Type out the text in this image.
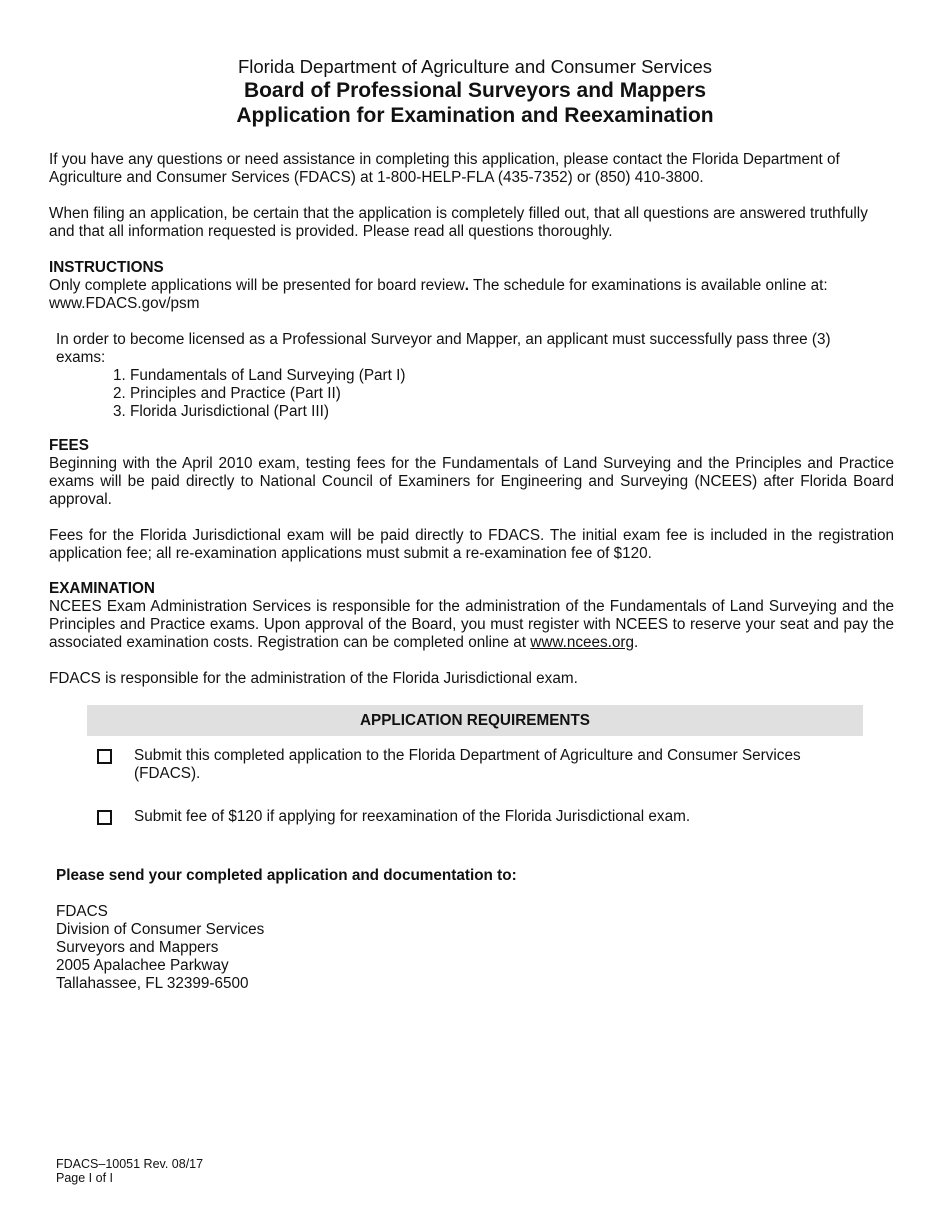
Florida Department of Agriculture and Consumer Services
Board of Professional Surveyors and Mappers
Application for Examination and Reexamination
If you have any questions or need assistance in completing this application, please contact the Florida Department of Agriculture and Consumer Services (FDACS) at 1-800-HELP-FLA (435-7352) or (850) 410-3800.
When filing an application, be certain that the application is completely filled out, that all questions are answered truthfully and that all information requested is provided. Please read all questions thoroughly.
INSTRUCTIONS
Only complete applications will be presented for board review. The schedule for examinations is available online at: www.FDACS.gov/psm
In order to become licensed as a Professional Surveyor and Mapper, an applicant must successfully pass three (3) exams:
1. Fundamentals of Land Surveying (Part I)
2. Principles and Practice (Part II)
3. Florida Jurisdictional (Part III)
FEES
Beginning with the April 2010 exam, testing fees for the Fundamentals of Land Surveying and the Principles and Practice exams will be paid directly to National Council of Examiners for Engineering and Surveying (NCEES) after Florida Board approval.
Fees for the Florida Jurisdictional exam will be paid directly to FDACS. The initial exam fee is included in the registration application fee; all re-examination applications must submit a re-examination fee of $120.
EXAMINATION
NCEES Exam Administration Services is responsible for the administration of the Fundamentals of Land Surveying and the Principles and Practice exams. Upon approval of the Board, you must register with NCEES to reserve your seat and pay the associated examination costs. Registration can be completed online at www.ncees.org.
FDACS is responsible for the administration of the Florida Jurisdictional exam.
APPLICATION REQUIREMENTS
Submit this completed application to the Florida Department of Agriculture and Consumer Services (FDACS).
Submit fee of $120 if applying for reexamination of the Florida Jurisdictional exam.
Please send your completed application and documentation to:
FDACS
Division of Consumer Services
Surveyors and Mappers
2005 Apalachee Parkway
Tallahassee, FL 32399-6500
FDACS–10051 Rev. 08/17
Page I of I
